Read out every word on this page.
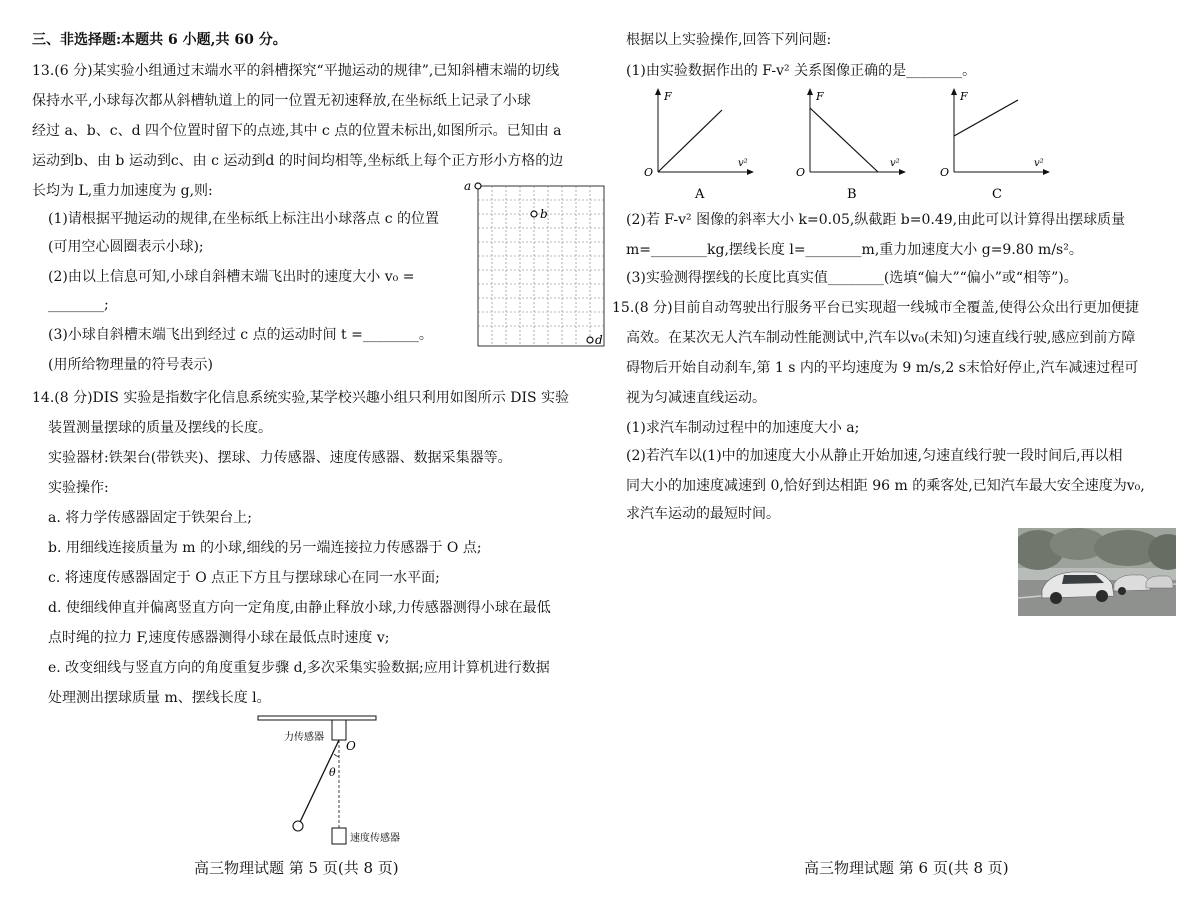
三、非选择题:本题共 6 小题,共 60 分。
13.(6 分)某实验小组通过末端水平的斜槽探究“平抛运动的规律”,已知斜槽末端的切线
保持水平,小球每次都从斜槽轨道上的同一位置无初速释放,在坐标纸上记录了小球
经过 a、b、c、d 四个位置时留下的点迹,其中 c 点的位置未标出,如图所示。已知由 a
运动到b、由 b 运动到c、由 c 运动到d 的时间均相等,坐标纸上每个正方形小方格的边
长均为 L,重力加速度为 g,则:
(1)请根据平抛运动的规律,在坐标纸上标注出小球落点 c 的位置
(可用空心圆圈表示小球);
(2)由以上信息可知,小球自斜槽末端飞出时的速度大小 v₀ =
________;
(3)小球自斜槽末端飞出到经过 c 点的运动时间 t =________。
(用所给物理量的符号表示)
a
b
d
14.(8 分)DIS 实验是指数字化信息系统实验,某学校兴趣小组只利用如图所示 DIS 实验
装置测量摆球的质量及摆线的长度。
实验器材:铁架台(带铁夹)、摆球、力传感器、速度传感器、数据采集器等。
实验操作:
a. 将力学传感器固定于铁架台上;
b. 用细线连接质量为 m 的小球,细线的另一端连接拉力传感器于 O 点;
c. 将速度传感器固定于 O 点正下方且与摆球球心在同一水平面;
d. 使细线伸直并偏离竖直方向一定角度,由静止释放小球,力传感器测得小球在最低
点时绳的拉力 F,速度传感器测得小球在最低点时速度 v;
e. 改变细线与竖直方向的角度重复步骤 d,多次采集实验数据;应用计算机进行数据
处理测出摆球质量 m、摆线长度 l。
力传感器
O
θ
速度传感器
高三物理试题 第 5 页(共 8 页)
根据以上实验操作,回答下列问题:
(1)由实验数据作出的 F-v² 关系图像正确的是________。
F
O
v²
A
F
O
v²
B
F
O
v²
C
(2)若 F-v² 图像的斜率大小 k=0.05,纵截距 b=0.49,由此可以计算得出摆球质量
m=________kg,摆线长度 l=________m,重力加速度大小 g=9.80 m/s²。
(3)实验测得摆线的长度比真实值________(选填“偏大”“偏小”或“相等”)。
15.(8 分)目前自动驾驶出行服务平台已实现超一线城市全覆盖,使得公众出行更加便捷
高效。在某次无人汽车制动性能测试中,汽车以v₀(未知)匀速直线行驶,感应到前方障
碍物后开始自动刹车,第 1 s 内的平均速度为 9 m/s,2 s末恰好停止,汽车减速过程可
视为匀减速直线运动。
(1)求汽车制动过程中的加速度大小 a;
(2)若汽车以(1)中的加速度大小从静止开始加速,匀速直线行驶一段时间后,再以相
同大小的加速度减速到 0,恰好到达相距 96 m 的乘客处,已知汽车最大安全速度为v₀,
求汽车运动的最短时间。
高三物理试题 第 6 页(共 8 页)
